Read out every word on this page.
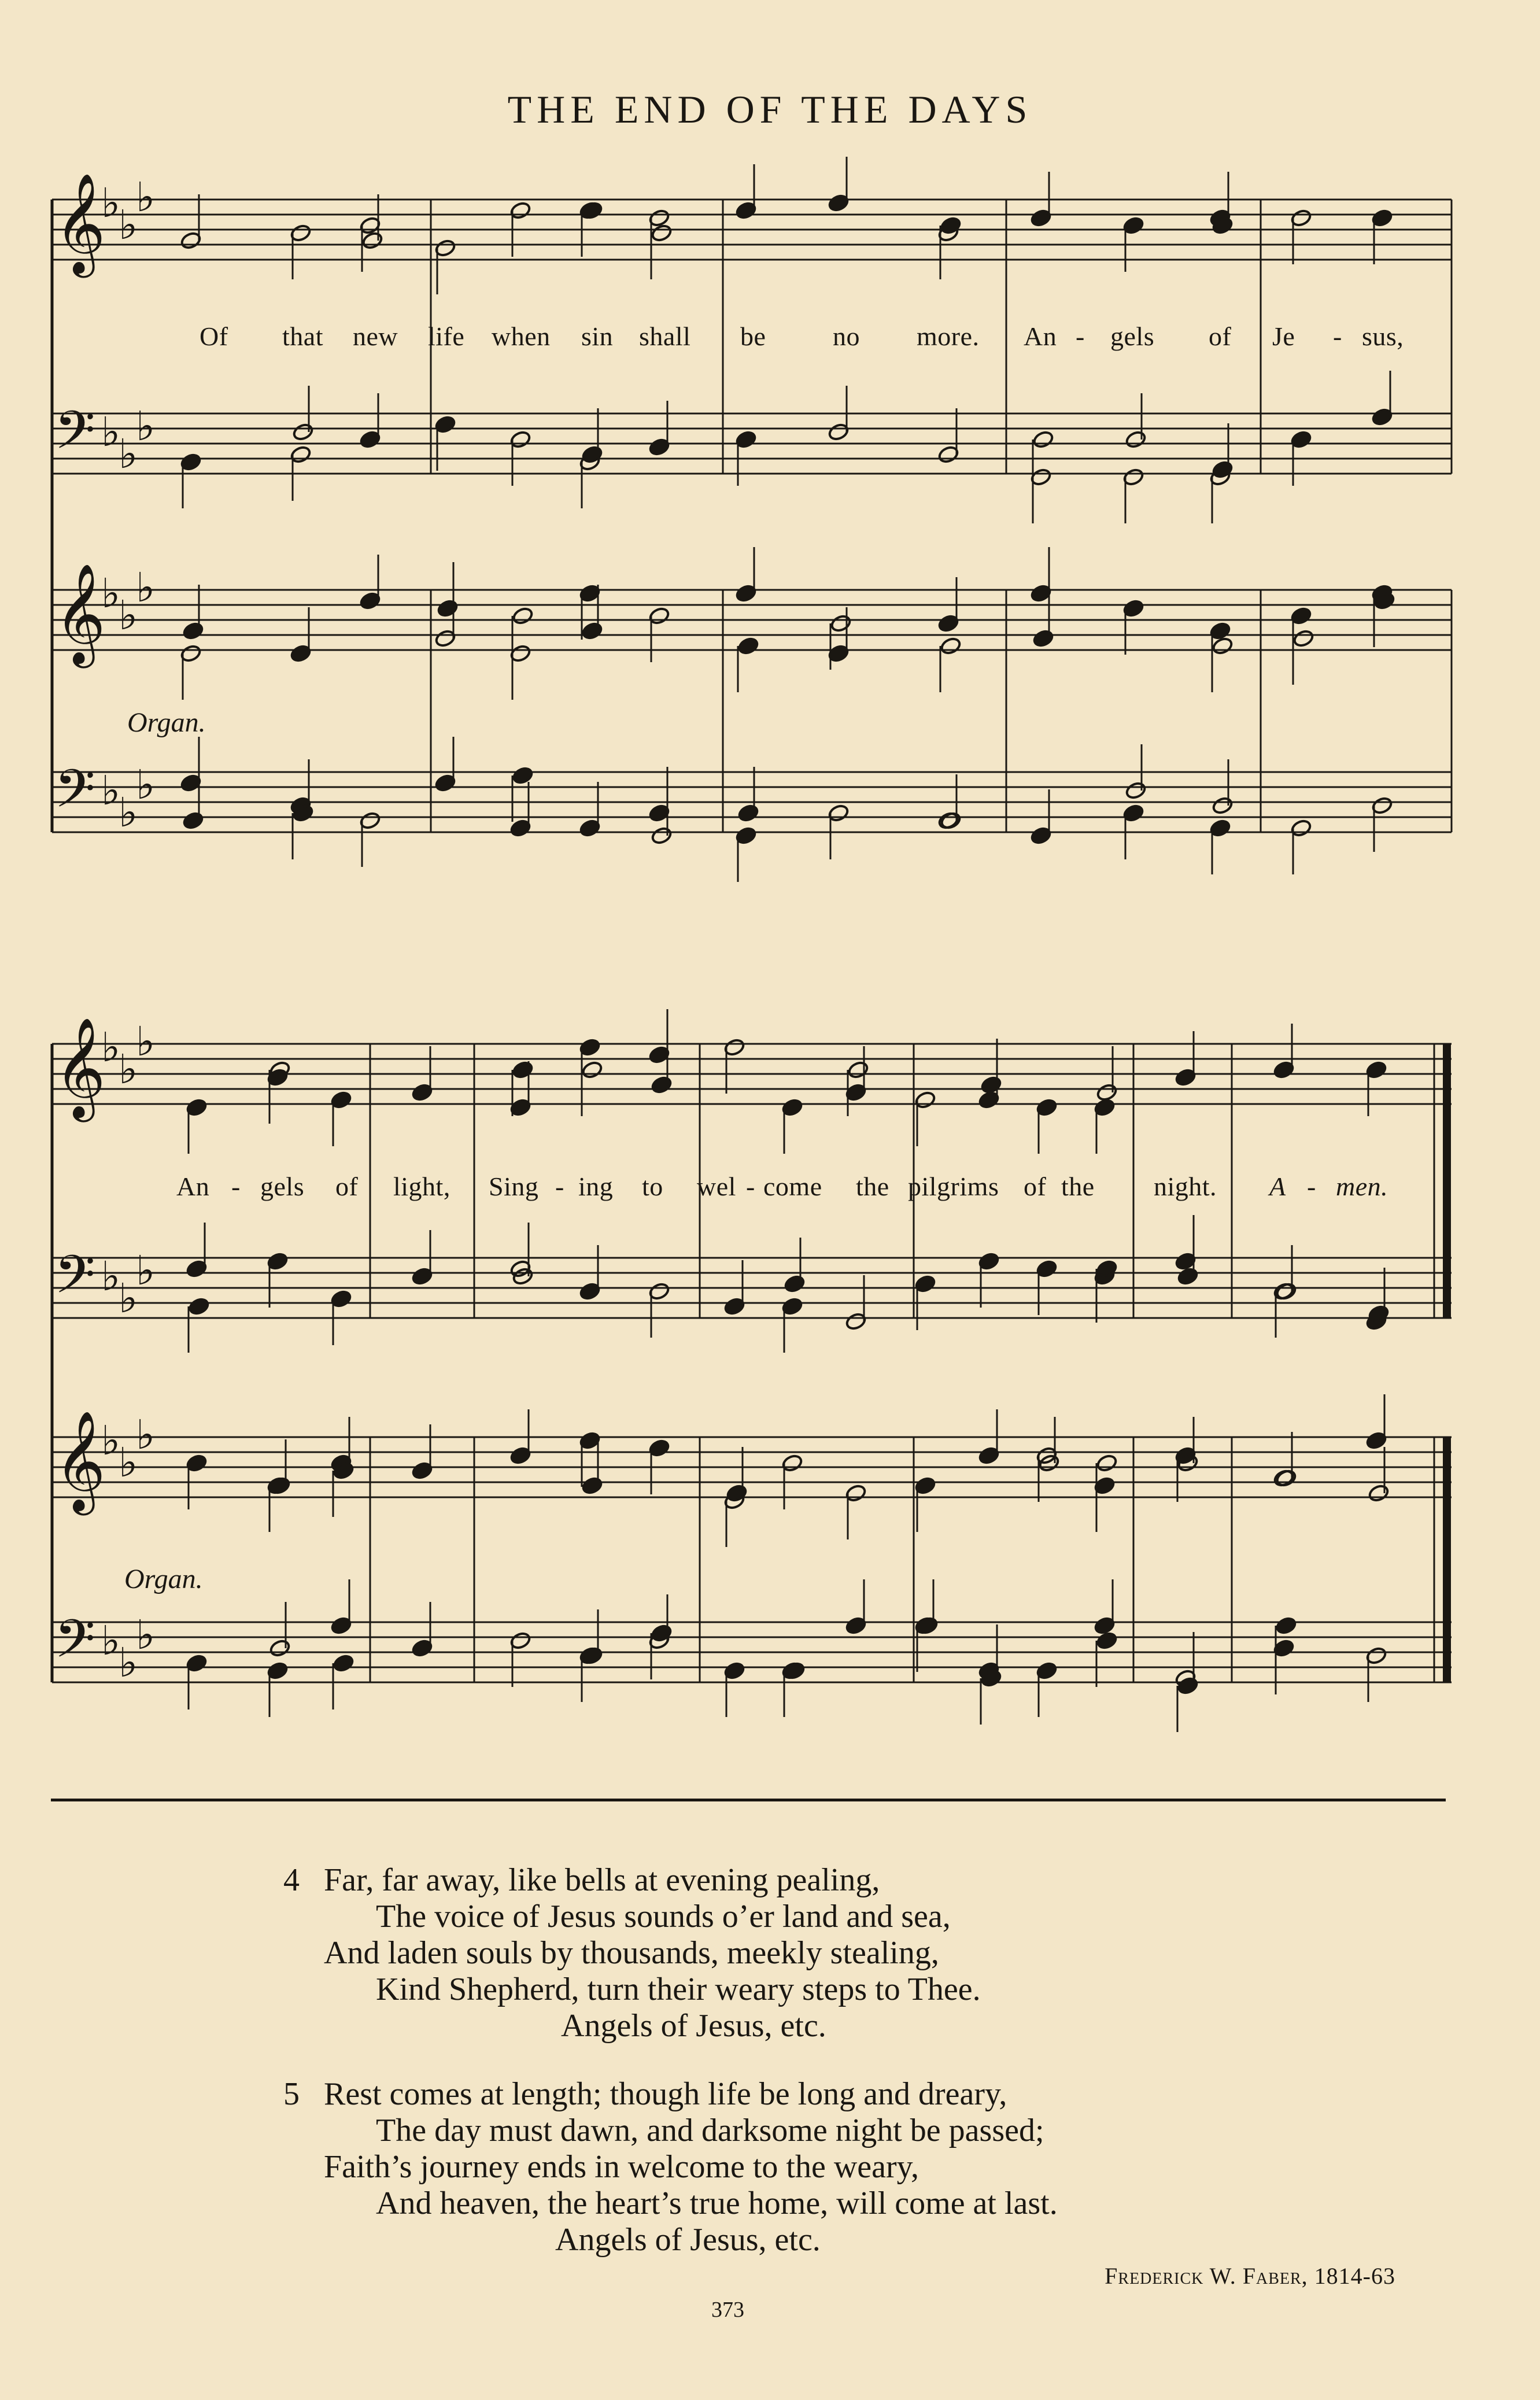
THE END OF THE DAYS
𝄞
♭
♭
♭
𝄢 ♭
♭
♭
𝄞
♭
♭
♭
𝄢 ♭
♭
♭
Of that new life when sin shall be	no more. An - gels of Je - sus,
Organ.
𝄞
♭
♭
♭
𝄢 ♭
♭
♭
𝄞
♭
♭
♭
𝄢 ♭
♭
♭
An - gels of light, Sing - ing to wel - come the pilgrims of the night. A - men.
Organ.
4 Far, far away, like bells at evening pealing,
The voice of Jesus sounds o’er land and sea,
And laden souls by thousands, meekly stealing,
Kind Shepherd, turn their weary steps to Thee.
Angels of Jesus, etc.
5 Rest comes at length; though life be long and dreary,
The day must dawn, and darksome night be passed;
Faith’s journey ends in welcome to the weary,
And heaven, the heart’s true home, will come at last.
Angels of Jesus, etc.
Frederick W. Faber, 1814-63
373
